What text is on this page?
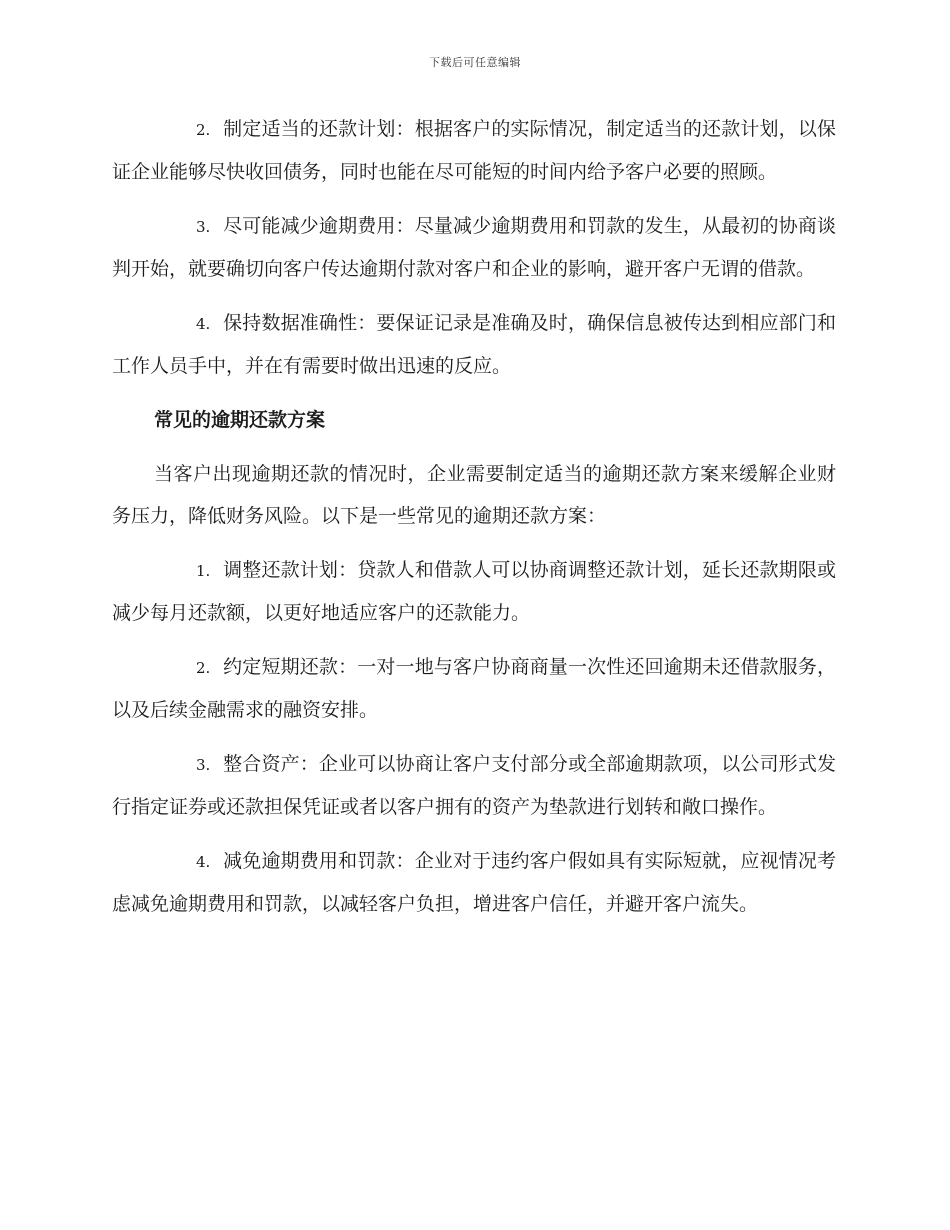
下载后可任意编辑

2. 制定适当的还款计划：根据客户的实际情况，制定适当的还款计划，以保证企业能够尽快收回债务，同时也能在尽可能短的时间内给予客户必要的照顾。

3. 尽可能减少逾期费用：尽量减少逾期费用和罚款的发生，从最初的协商谈判开始，就要确切向客户传达逾期付款对客户和企业的影响，避开客户无谓的借款。

4. 保持数据准确性：要保证记录是准确及时，确保信息被传达到相应部门和工作人员手中，并在有需要时做出迅速的反应。

常见的逾期还款方案

当客户出现逾期还款的情况时，企业需要制定适当的逾期还款方案来缓解企业财务压力，降低财务风险。以下是一些常见的逾期还款方案：

1. 调整还款计划：贷款人和借款人可以协商调整还款计划，延长还款期限或减少每月还款额，以更好地适应客户的还款能力。

2. 约定短期还款：一对一地与客户协商商量一次性还回逾期未还借款服务，以及后续金融需求的融资安排。

3. 整合资产：企业可以协商让客户支付部分或全部逾期款项，以公司形式发行指定证券或还款担保凭证或者以客户拥有的资产为垫款进行划转和敞口操作。

4. 减免逾期费用和罚款：企业对于违约客户假如具有实际短就，应视情况考虑减免逾期费用和罚款，以减轻客户负担，增进客户信任，并避开客户流失。
